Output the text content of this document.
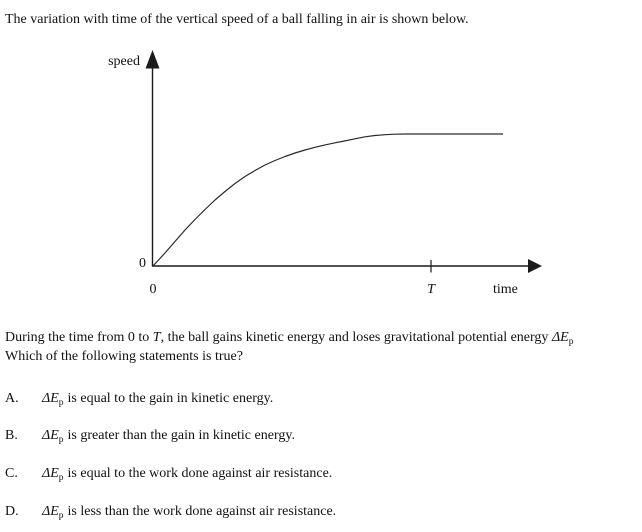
The variation with time of the vertical speed of a ball falling in air is shown below.
speed
0
0	T	time
During the time from 0 to T, the ball gains kinetic energy and loses gravitational potential energy $\Delta E_p$
Which of the following statements is true?
A. $\Delta E_p$ is equal to the gain in kinetic energy.
B. $\Delta E_p$ is greater than the gain in kinetic energy.
C. $\Delta E_p$ is equal to the work done against air resistance.
D. $\Delta E_p$ is less than the work done against air resistance.
